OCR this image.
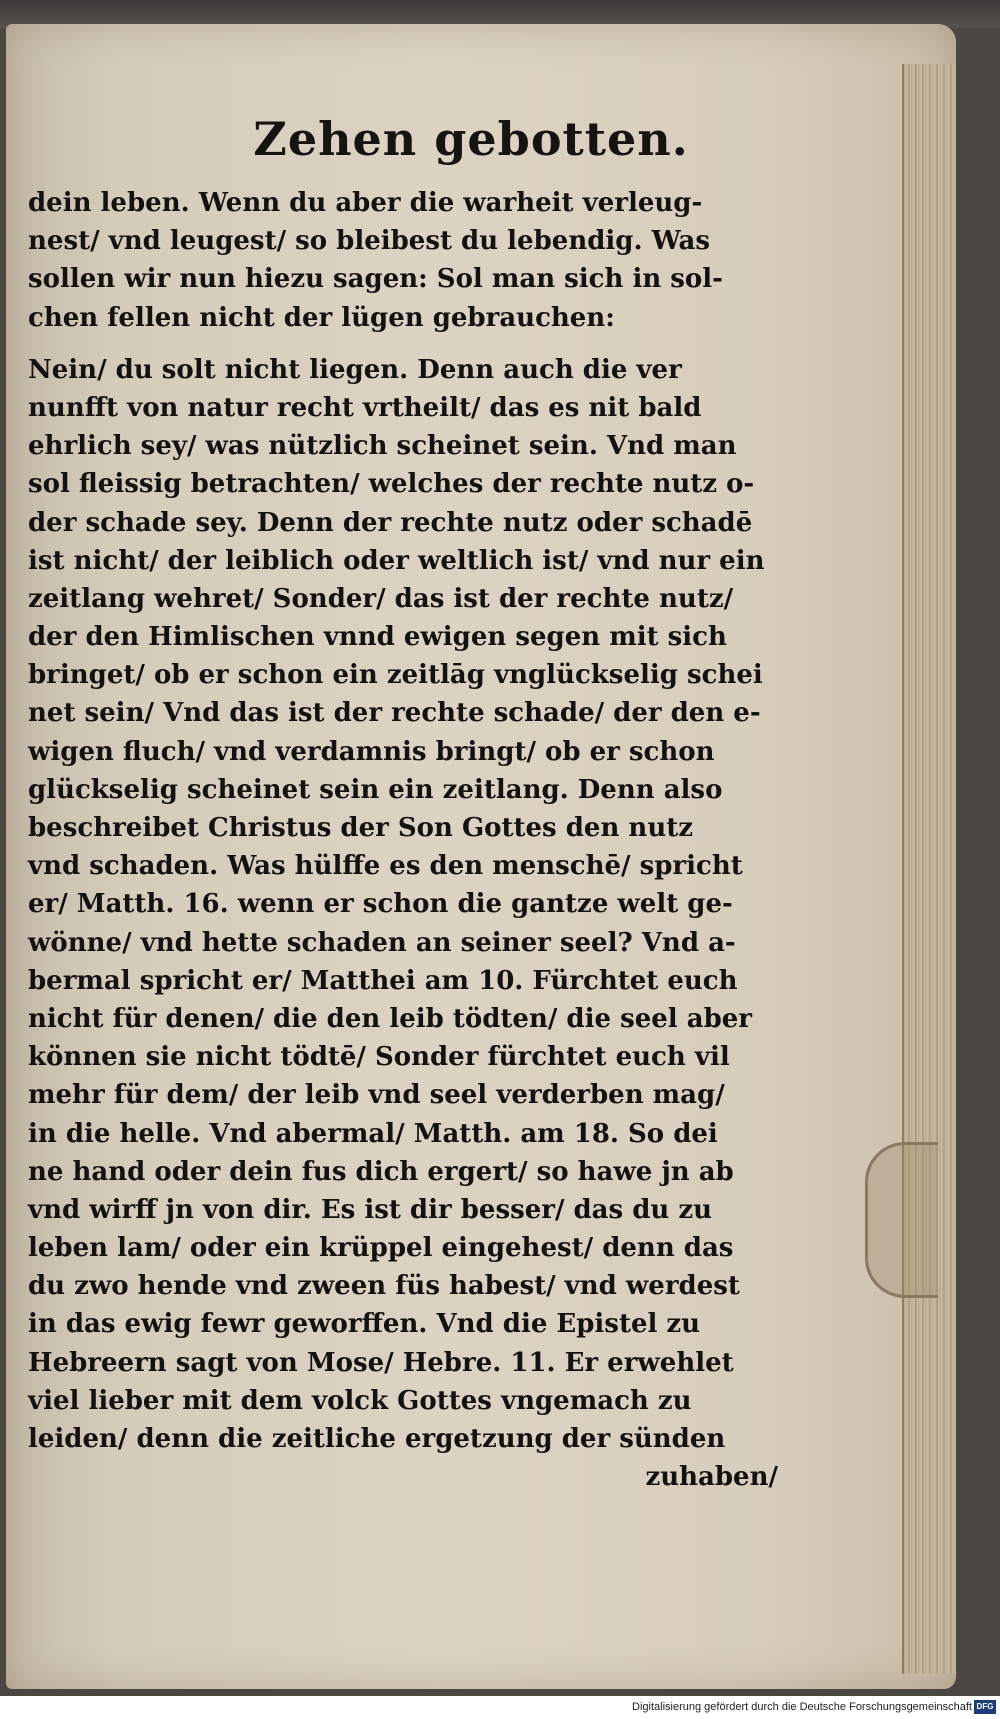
Zehen gebotten.
dein leben. Wenn du aber die warheit verleug‑
nest/ vnd leugest/ so bleibest du lebendig. Was
sollen wir nun hiezu sagen: Sol man sich in sol‑
chen fellen nicht der lügen gebrauchen:
Nein/ du solt nicht liegen. Denn auch die ver
nunfft von natur recht vrtheilt/ das es nit bald
ehrlich sey/ was nützlich scheinet sein. Vnd man
sol fleissig betrachten/ welches der rechte nutz o‑
der schade sey. Denn der rechte nutz oder schadē
ist nicht/ der leiblich oder weltlich ist/ vnd nur ein
zeitlang wehret/ Sonder/ das ist der rechte nutz/
der den Himlischen vnnd ewigen segen mit sich
bringet/ ob er schon ein zeitlāg vnglückselig schei
net sein/ Vnd das ist der rechte schade/ der den e‑
wigen fluch/ vnd verdamnis bringt/ ob er schon
glückselig scheinet sein ein zeitlang. Denn also
beschreibet Christus der Son Gottes den nutz
vnd schaden. Was hülffe es den menschē/ spricht
er/ Matth. 16. wenn er schon die gantze welt ge‑
wönne/ vnd hette schaden an seiner seel? Vnd a‑
bermal spricht er/ Matthei am 10. Fürchtet euch
nicht für denen/ die den leib tödten/ die seel aber
können sie nicht tödtē/ Sonder fürchtet euch vil
mehr für dem/ der leib vnd seel verderben mag/
in die helle. Vnd abermal/ Matth. am 18. So dei
ne hand oder dein fus dich ergert/ so hawe jn ab
vnd wirff jn von dir. Es ist dir besser/ das du zu
leben lam/ oder ein krüppel eingehest/ denn das
du zwo hende vnd zween füs habest/ vnd werdest
in das ewig fewr geworffen. Vnd die Epistel zu
Hebreern sagt von Mose/ Hebre. 11. Er erwehlet
viel lieber mit dem volck Gottes vngemach zu
leiden/ denn die zeitliche ergetzung der sünden
zuhaben/
Digitalisierung gefördert durch die Deutsche Forschungsgemeinschaft DFG
